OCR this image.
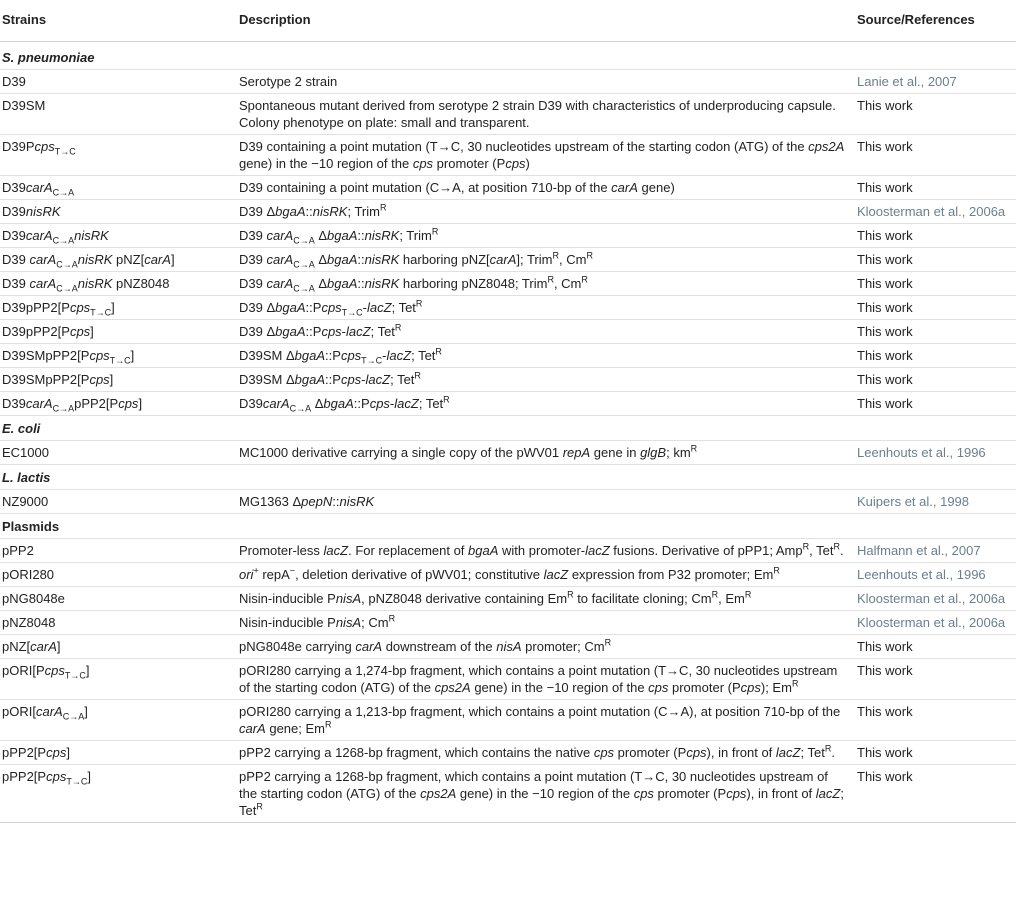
Strains	Description	Source/References
S. pneumoniae		
D39	Serotype 2 strain	Lanie et al., 2007
D39SM	Spontaneous mutant derived from serotype 2 strain D39 with characteristics of underproducing capsule. Colony phenotype on plate: small and transparent.	This work
D39Pcps$_{T\to C}$	D39 containing a point mutation (T→C, 30 nucleotides upstream of the starting codon (ATG) of the cps2A gene) in the −10 region of the cps promoter (Pcps)	This work
D39carA$_{C\to A}$	D39 containing a point mutation (C→A, at position 710-bp of the carA gene)	This work
D39nisRK	D39 ΔbgaA::nisRK; Trim$^R$	Kloosterman et al., 2006a
D39carA$_{C\to A}$nisRK	D39 carA$_{C\to A}$ ΔbgaA::nisRK; Trim$^R$	This work
D39 carA$_{C\to A}$nisRK pNZ[carA]	D39 carA$_{C\to A}$ ΔbgaA::nisRK harboring pNZ[carA]; Trim$^R$, $Cm^R$	This work
D39 carA$_{C\to A}$nisRK pNZ8048	D39 carA$_{C\to A}$ ΔbgaA::nisRK harboring pNZ8048; Trim$^R$, $Cm^R$	This work
D39pPP2[Pcps$_{T\to C}$]	D39 ΔbgaA::Pcps$_{T\to C}$-lacZ; Tet$^R$	This work
D39pPP2[Pcps]	D39 ΔbgaA::Pcps-lacZ; Tet$^R$	This work
D39SMpPP2[Pcps$_{T\to C}$]	D39SM ΔbgaA::Pcps$_{T\to C}$-lacZ; Tet$^R$	This work
D39SMpPP2[Pcps]	D39SM ΔbgaA::Pcps-lacZ; Tet$^R$	This work
D39carA$_{C\to A}$pPP2[Pcps]	D39carA$_{C\to A}$ ΔbgaA::Pcps-lacZ; Tet$^R$	This work
E. coli		
EC1000	MC1000 derivative carrying a single copy of the pWV01 repA gene in glgB; $km^R$	Leenhouts et al., 1996
L. lactis		
NZ9000	MG1363 ΔpepN::nisRK	Kuipers et al., 1998
Plasmids		
pPP2	Promoter-less lacZ. For replacement of bgaA with promoter-lacZ fusions. Derivative of pPP1; Amp$^R$, Tet$^R$.	Halfmann et al., 2007
pORI280	ori+ repA−, deletion derivative of pWV01; constitutive lacZ expression from P32 promoter; $Em^R$	Leenhouts et al., 1996
pNG8048e	Nisin-inducible PnisA, pNZ8048 derivative containing $Em^R$ to facilitate cloning; $Cm^R$, $Em^R$	Kloosterman et al., 2006a
pNZ8048	Nisin-inducible PnisA; $Cm^R$	Kloosterman et al., 2006a
pNZ[carA]	pNG8048e carrying carA downstream of the nisA promoter; $Cm^R$	This work
pORI[Pcps$_{T\to C}$]	pORI280 carrying a 1,274-bp fragment, which contains a point mutation (T→C, 30 nucleotides upstream of the starting codon (ATG) of the cps2A gene) in the −10 region of the cps promoter (Pcps); $Em^R$	This work
pORI[carA$_{C\to A}$]	pORI280 carrying a 1,213-bp fragment, which contains a point mutation (C→A), at position 710-bp of the carA gene; $Em^R$	This work
pPP2[Pcps]	pPP2 carrying a 1268-bp fragment, which contains the native cps promoter (Pcps), in front of lacZ; Tet$^R$.	This work
pPP2[Pcps$_{T\to C}$]	pPP2 carrying a 1268-bp fragment, which contains a point mutation (T→C, 30 nucleotides upstream of the starting codon (ATG) of the cps2A gene) in the −10 region of the cps promoter (Pcps), in front of lacZ; Tet$^R$	This work
